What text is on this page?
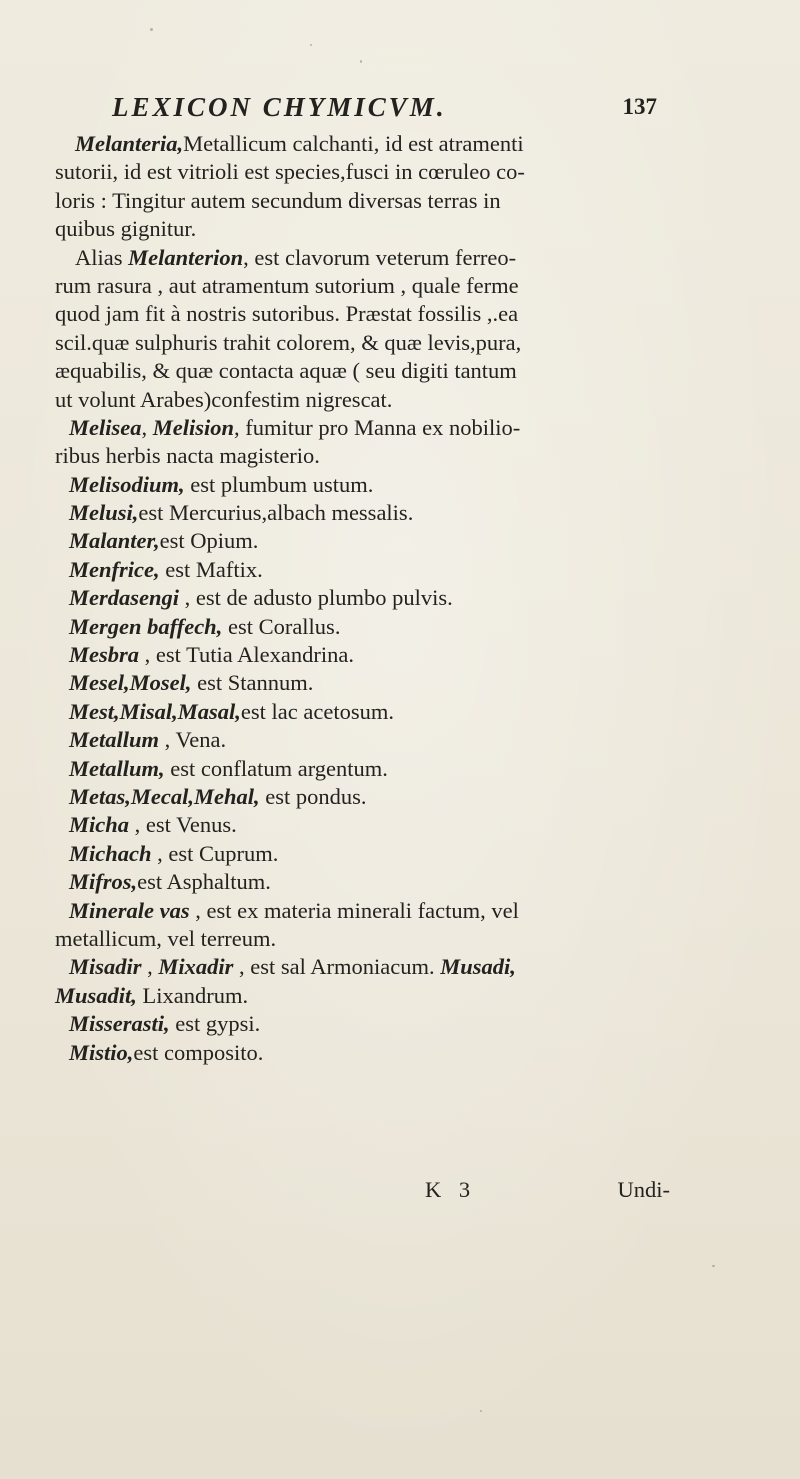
LEXICON CHYMICVM.	137
Melanteria,Metallicum calchanti, id est atramenti
sutorii, id est vitrioli est species,fusci in cœruleo co-
loris : Tingitur autem secundum diversas terras in
quibus gignitur.
Alias Melanterion, est clavorum veterum ferreo-
rum rasura , aut atramentum sutorium , quale ferme
quod jam fit à nostris sutoribus. Præstat fossilis ,.ea
scil.quæ sulphuris trahit colorem, & quæ levis,pura,
æquabilis, & quæ contacta aquæ ( seu digiti tantum
ut volunt Arabes)confestim nigrescat.
Melisea, Melision, fumitur pro Manna ex nobilio-
ribus herbis nacta magisterio.
Melisodium, est plumbum ustum.
Melusi,est Mercurius,albach messalis.
Malanter,est Opium.
Menfrice, est Maftix.
Merdasengi , est de adusto plumbo pulvis.
Mergen baffech, est Corallus.
Mesbra , est Tutia Alexandrina.
Mesel,Mosel, est Stannum.
Mest,Misal,Masal,est lac acetosum.
Metallum , Vena.
Metallum, est conflatum argentum.
Metas,Mecal,Mehal, est pondus.
Micha , est Venus.
Michach , est Cuprum.
Mifros,est Asphaltum.
Minerale vas , est ex materia minerali factum, vel
metallicum, vel terreum.
Misadir , Mixadir , est sal Armoniacum. Musadi,
Musadit, Lixandrum.
Misserasti, est gypsi.
Mistio,est composito.
K 3	Undi-
